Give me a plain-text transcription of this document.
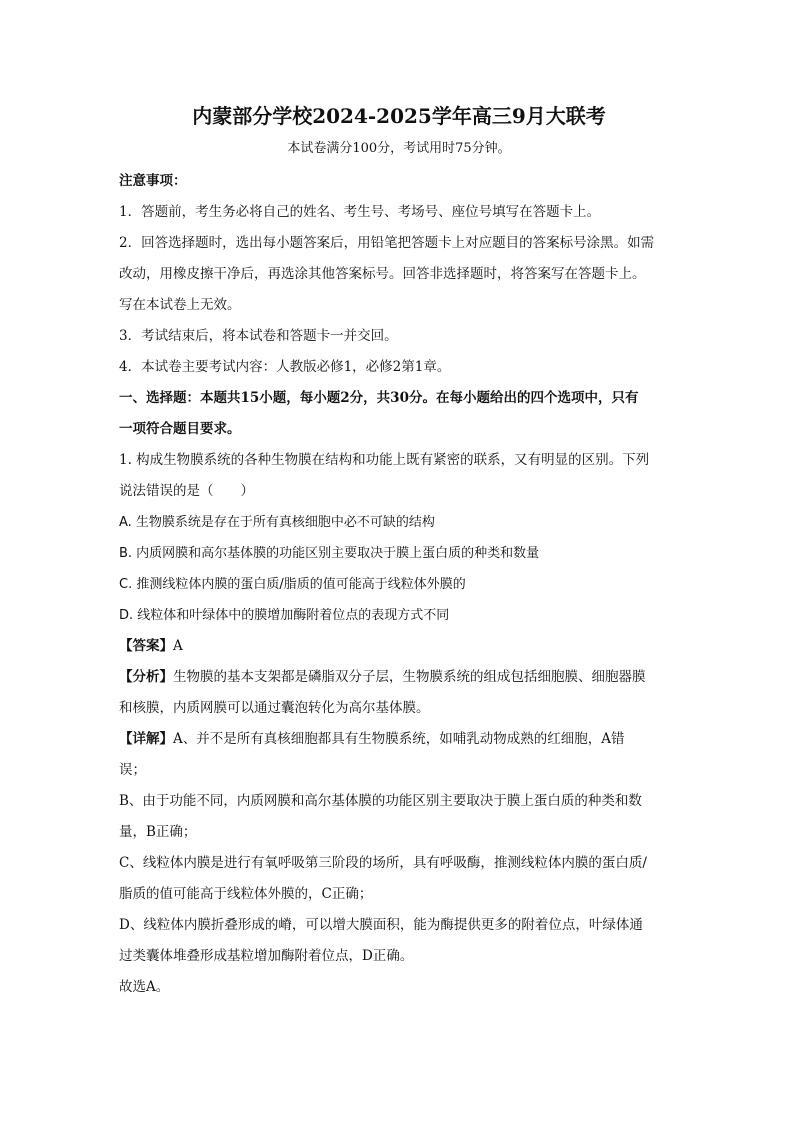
内蒙部分学校2024-2025学年高三9月大联考
本试卷满分100分，考试用时75分钟。

注意事项：

1．答题前，考生务必将自己的姓名、考生号、考场号、座位号填写在答题卡上。

2．回答选择题时，选出每小题答案后，用铅笔把答题卡上对应题目的答案标号涂黑。如需

改动，用橡皮擦干净后，再选涂其他答案标号。回答非选择题时，将答案写在答题卡上。

写在本试卷上无效。

3．考试结束后，将本试卷和答题卡一并交回。

4．本试卷主要考试内容：人教版必修1，必修2第1章。

一、选择题：本题共15小题，每小题2分，共30分。在每小题给出的四个选项中，只有

一项符合题目要求。

1. 构成生物膜系统的各种生物膜在结构和功能上既有紧密的联系，又有明显的区别。下列

说法错误的是（　　）

A. 生物膜系统是存在于所有真核细胞中必不可缺的结构

B. 内质网膜和高尔基体膜的功能区别主要取决于膜上蛋白质的种类和数量

C. 推测线粒体内膜的蛋白质/脂质的值可能高于线粒体外膜的

D. 线粒体和叶绿体中的膜增加酶附着位点的表现方式不同

【答案】A

【分析】生物膜的基本支架都是磷脂双分子层，生物膜系统的组成包括细胞膜、细胞器膜

和核膜，内质网膜可以通过囊泡转化为高尔基体膜。

【详解】A、并不是所有真核细胞都具有生物膜系统，如哺乳动物成熟的红细胞，A错

误；

B、由于功能不同，内质网膜和高尔基体膜的功能区别主要取决于膜上蛋白质的种类和数

量，B正确；

C、线粒体内膜是进行有氧呼吸第三阶段的场所，具有呼吸酶，推测线粒体内膜的蛋白质/

脂质的值可能高于线粒体外膜的，C正确；

D、线粒体内膜折叠形成的嵴，可以增大膜面积，能为酶提供更多的附着位点，叶绿体通

过类囊体堆叠形成基粒增加酶附着位点，D正确。

故选A。
